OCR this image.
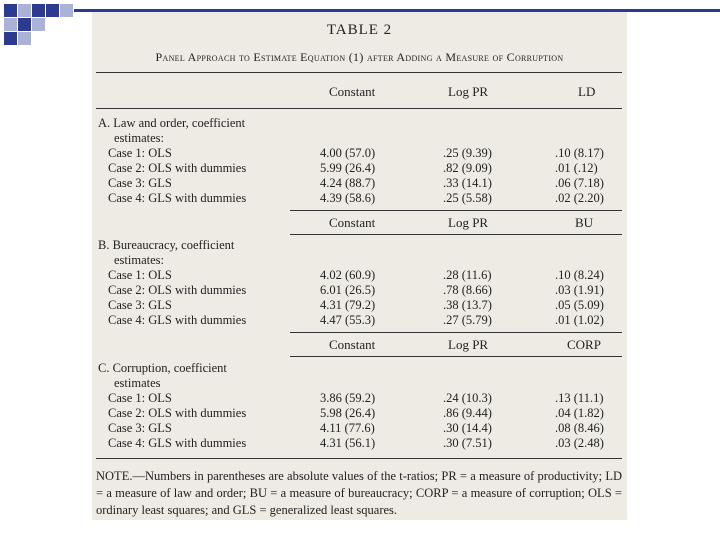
TABLE 2
Panel Approach to Estimate Equation (1) after Adding a Measure of Corruption
Constant	Log PR	LD
A. Law and order, coefficient
estimates:
Case 1: OLS	4.00 (57.0)	.25 (9.39)	.10 (8.17)
Case 2: OLS with dummies	5.99 (26.4)	.82 (9.09)	.01 (.12)
Case 3: GLS	4.24 (88.7)	.33 (14.1)	.06 (7.18)
Case 4: GLS with dummies	4.39 (58.6)	.25 (5.58)	.02 (2.20)
Constant	Log PR	BU
B. Bureaucracy, coefficient
estimates:
Case 1: OLS	4.02 (60.9)	.28 (11.6)	.10 (8.24)
Case 2: OLS with dummies	6.01 (26.5)	.78 (8.66)	.03 (1.91)
Case 3: GLS	4.31 (79.2)	.38 (13.7)	.05 (5.09)
Case 4: GLS with dummies	4.47 (55.3)	.27 (5.79)	.01 (1.02)
Constant	Log PR	CORP
C. Corruption, coefficient
estimates
Case 1: OLS	3.86 (59.2)	.24 (10.3)	.13 (11.1)
Case 2: OLS with dummies	5.98 (26.4)	.86 (9.44)	.04 (1.82)
Case 3: GLS	4.11 (77.6)	.30 (14.4)	.08 (8.46)
Case 4: GLS with dummies	4.31 (56.1)	.30 (7.51)	.03 (2.48)
NOTE.—Numbers in parentheses are absolute values of the t-ratios; PR = a measure of productivity; LD = a measure of law and order; BU = a measure of bureaucracy; CORP = a measure of corruption; OLS = ordinary least squares; and GLS = generalized least squares.
